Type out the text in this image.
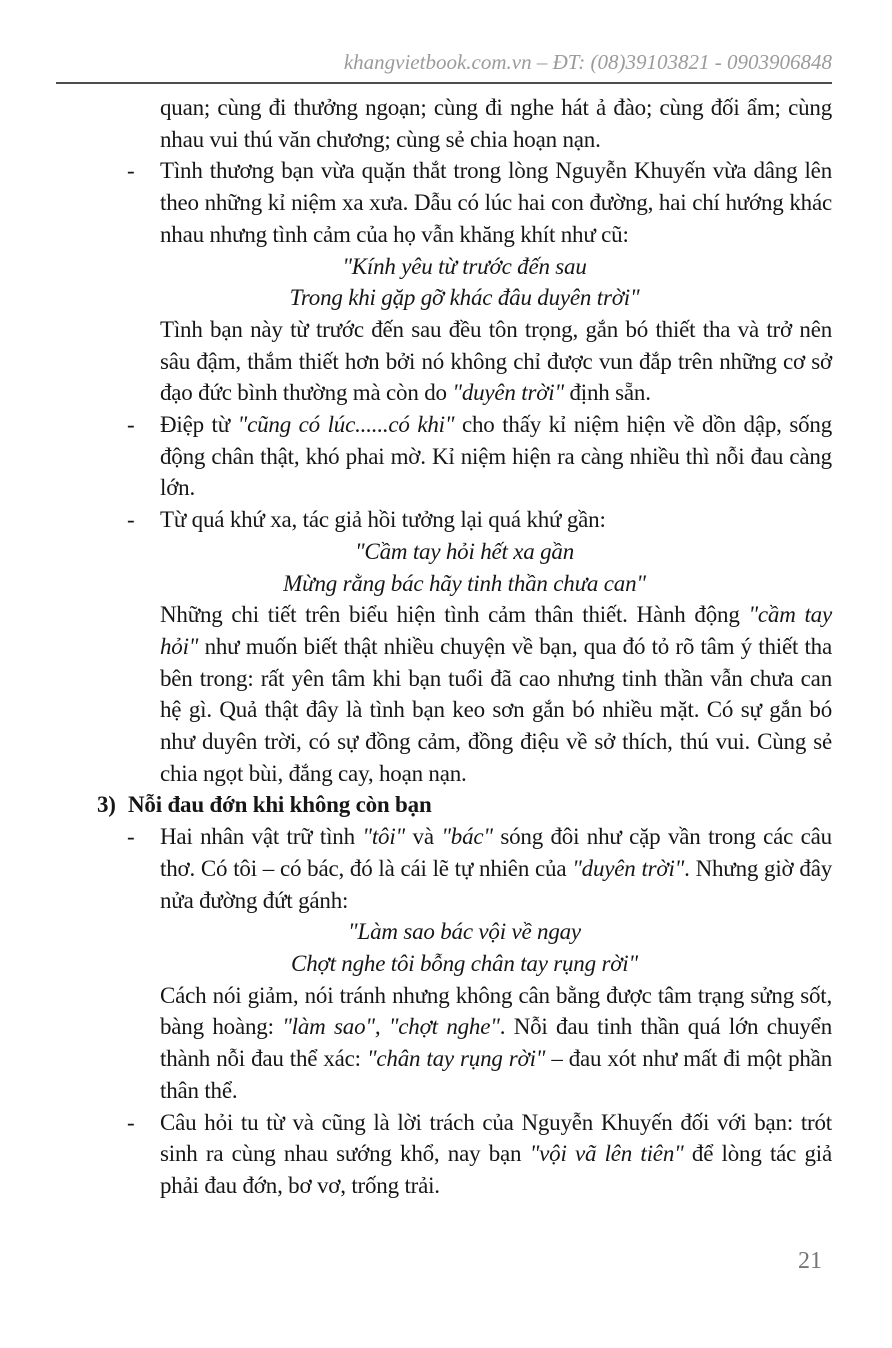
khangvietbook.com.vn – ĐT: (08)39103821 - 0903906848
quan; cùng đi thưởng ngoạn; cùng đi nghe hát ả đào; cùng đối ẩm; cùng nhau vui thú văn chương; cùng sẻ chia hoạn nạn.
- Tình thương bạn vừa quặn thắt trong lòng Nguyễn Khuyến vừa dâng lên theo những kỉ niệm xa xưa. Dẫu có lúc hai con đường, hai chí hướng khác nhau nhưng tình cảm của họ vẫn khăng khít như cũ:
"Kính yêu từ trước đến sau
Trong khi gặp gỡ khác đâu duyên trời"
Tình bạn này từ trước đến sau đều tôn trọng, gắn bó thiết tha và trở nên sâu đậm, thắm thiết hơn bởi nó không chỉ được vun đắp trên những cơ sở đạo đức bình thường mà còn do "duyên trời" định sẵn.
- Điệp từ "cũng có lúc......có khi" cho thấy kỉ niệm hiện về dồn dập, sống động chân thật, khó phai mờ. Kỉ niệm hiện ra càng nhiều thì nỗi đau càng lớn.
- Từ quá khứ xa, tác giả hồi tưởng lại quá khứ gần:
"Cầm tay hỏi hết xa gần
Mừng rằng bác hãy tinh thần chưa can"
Những chi tiết trên biểu hiện tình cảm thân thiết. Hành động "cầm tay hỏi" như muốn biết thật nhiều chuyện về bạn, qua đó tỏ rõ tâm ý thiết tha bên trong: rất yên tâm khi bạn tuổi đã cao nhưng tinh thần vẫn chưa can hệ gì. Quả thật đây là tình bạn keo sơn gắn bó nhiều mặt. Có sự gắn bó như duyên trời, có sự đồng cảm, đồng điệu về sở thích, thú vui. Cùng sẻ chia ngọt bùi, đắng cay, hoạn nạn.
3) Nỗi đau đớn khi không còn bạn
- Hai nhân vật trữ tình "tôi" và "bác" sóng đôi như cặp vần trong các câu thơ. Có tôi – có bác, đó là cái lẽ tự nhiên của "duyên trời". Nhưng giờ đây nửa đường đứt gánh:
"Làm sao bác vội về ngay
Chợt nghe tôi bỗng chân tay rụng rời"
Cách nói giảm, nói tránh nhưng không cân bằng được tâm trạng sửng sốt, bàng hoàng: "làm sao", "chợt nghe". Nỗi đau tinh thần quá lớn chuyển thành nỗi đau thể xác: "chân tay rụng rời" – đau xót như mất đi một phần thân thể.
- Câu hỏi tu từ và cũng là lời trách của Nguyễn Khuyến đối với bạn: trót sinh ra cùng nhau sướng khổ, nay bạn "vội vã lên tiên" để lòng tác giả phải đau đớn, bơ vơ, trống trải.
21
